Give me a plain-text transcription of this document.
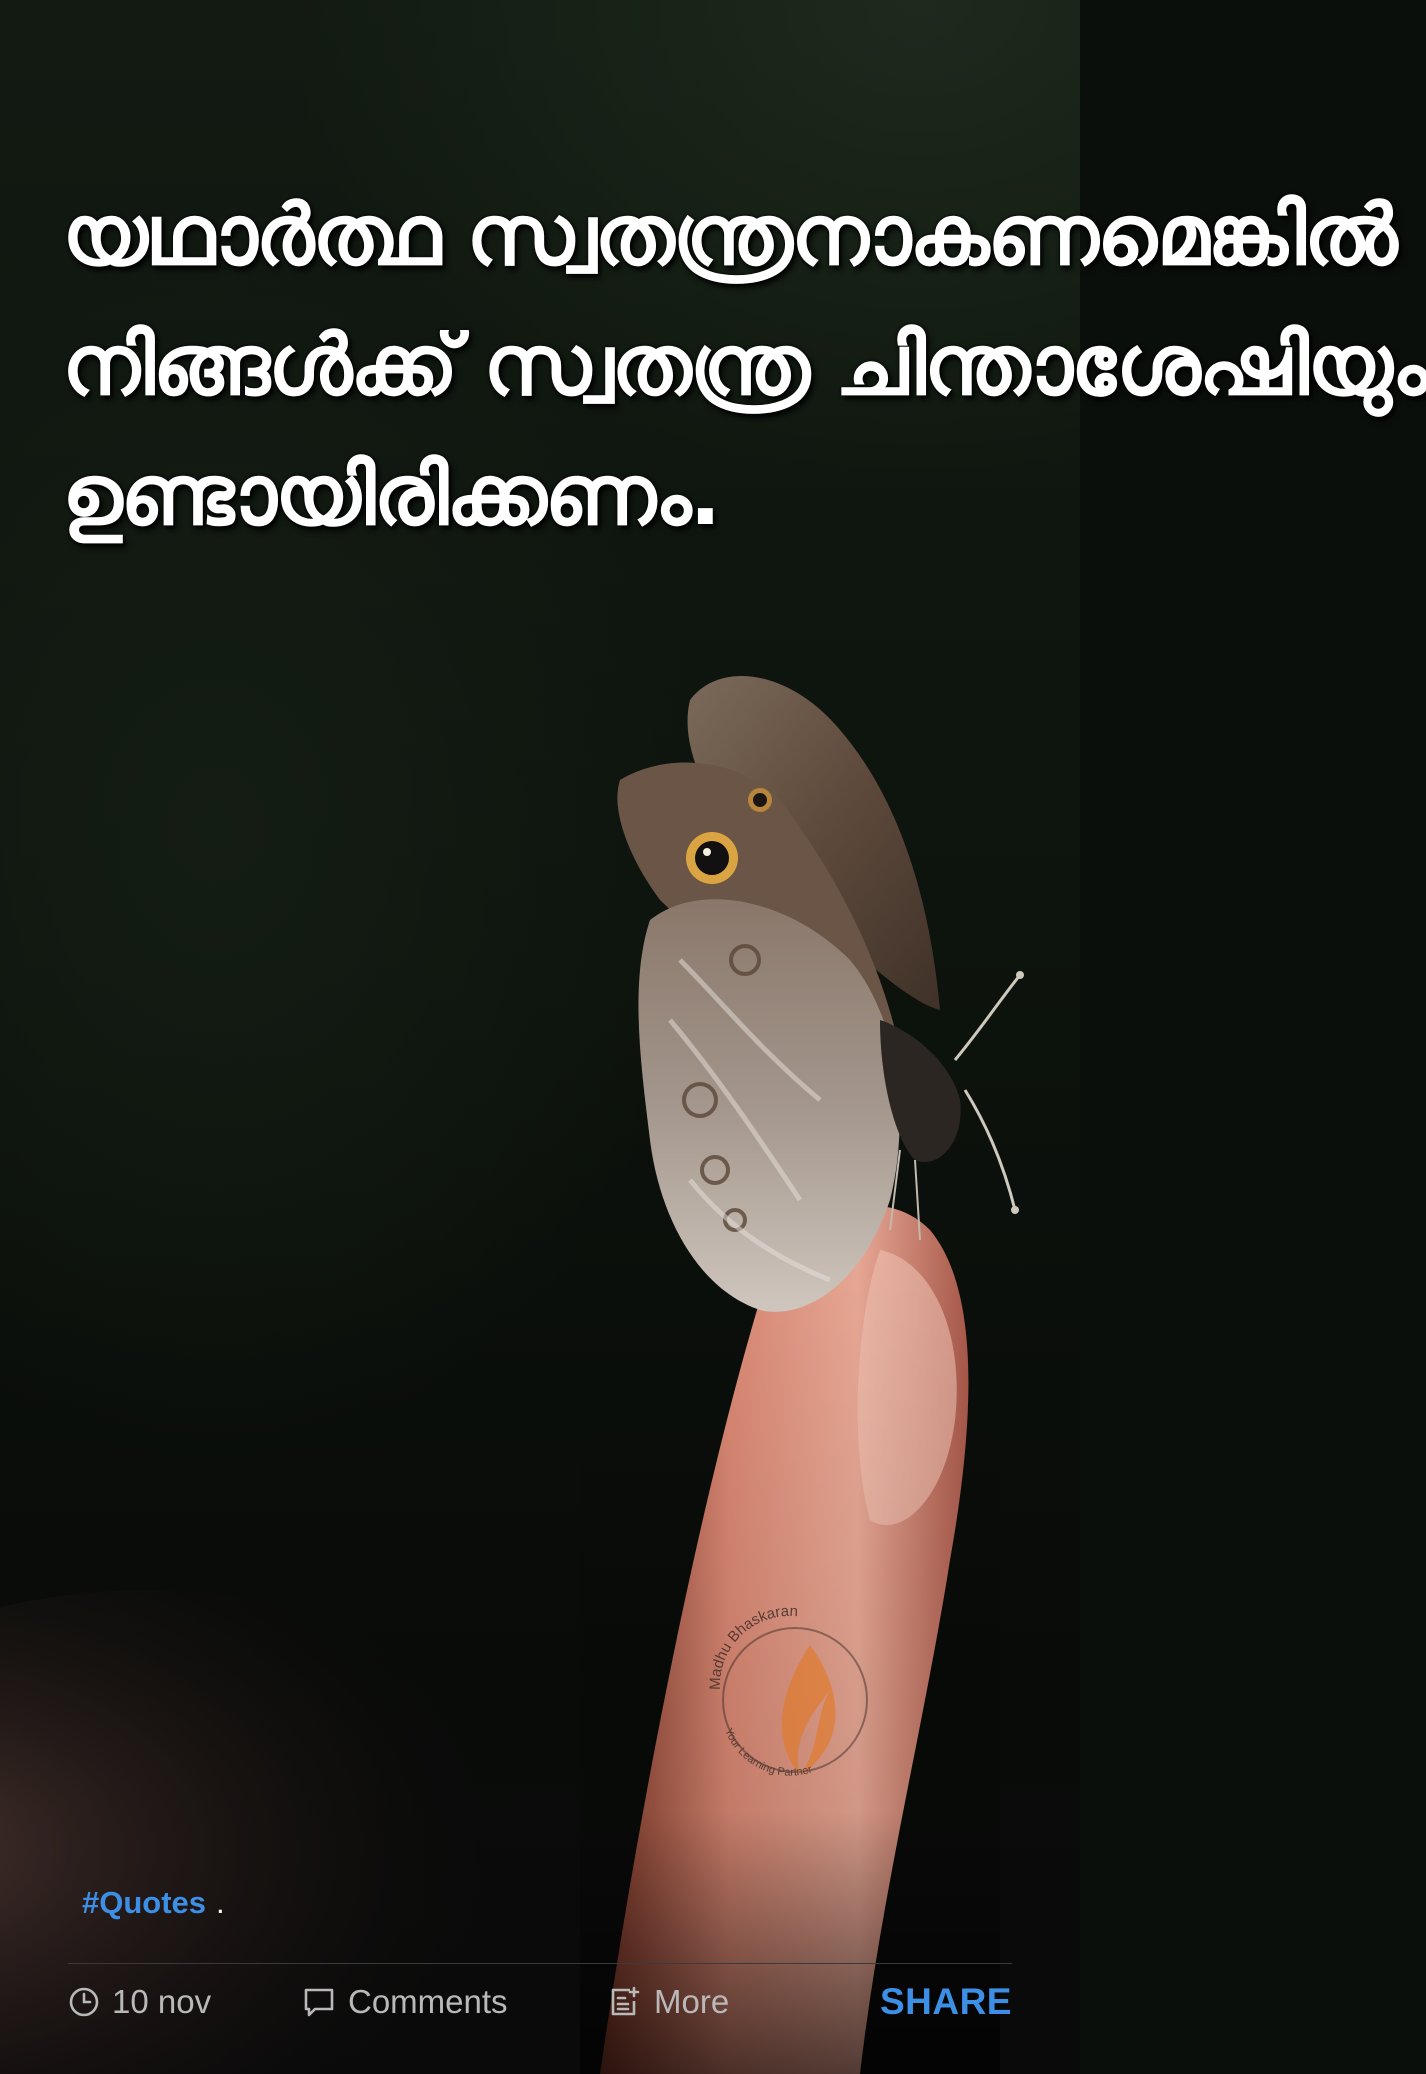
Madhu Bhaskaran
Your Learning Partner
യഥാർത്ഥ സ്വതന്ത്രനാകണമെങ്കിൽ
നിങ്ങൾക്ക് സ്വതന്ത്ര ചിന്താശേഷിയും
ഉണ്ടായിരിക്കണം.
#Quotes .
10 nov	Comments	More	SHARE
